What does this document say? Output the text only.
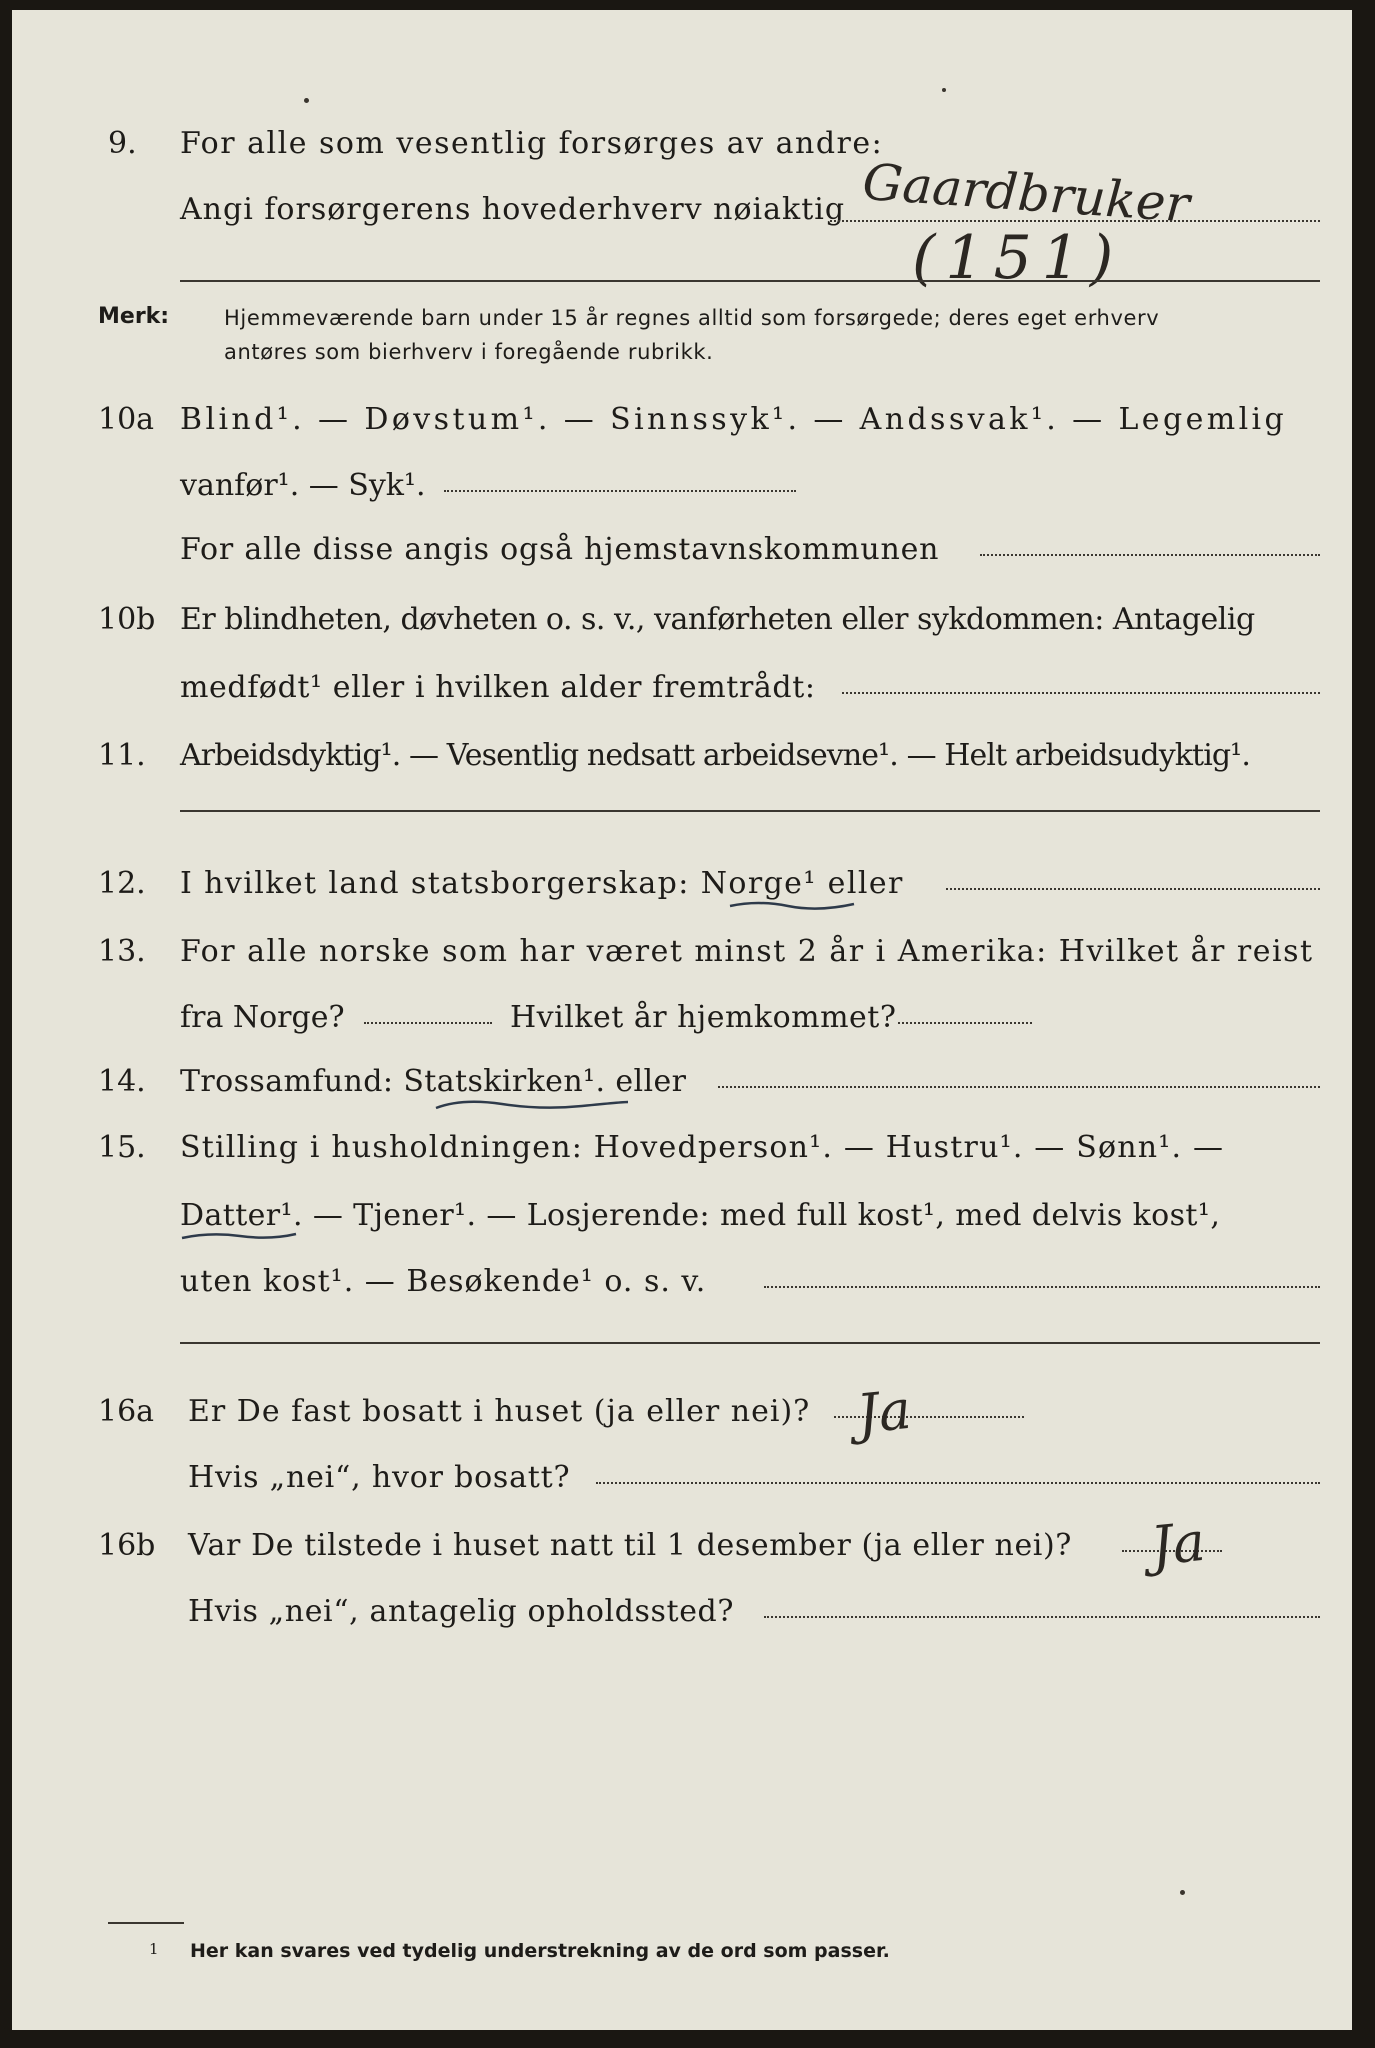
9. For alle som vesentlig forsørges av andre:
Angi forsørgerens hovederhverv nøiaktig Gaardbruker
(151)
Merk:	Hjemmeværende barn under 15 år regnes alltid som forsørgede; deres eget erhverv
antøres som bierhverv i foregående rubrikk.
10a Blind¹. — Døvstum¹. — Sinnssyk¹. — Andssvak¹. — Legemlig
vanfør¹. — Syk¹.
For alle disse angis også hjemstavnskommunen
10b Er blindheten, døvheten o. s. v., vanførheten eller sykdommen: Antagelig
medfødt¹ eller i hvilken alder fremtrådt:
11. Arbeidsdyktig¹. — Vesentlig nedsatt arbeidsevne¹. — Helt arbeidsudyktig¹.
12. I hvilket land statsborgerskap: Norge¹ eller
13. For alle norske som har været minst 2 år i Amerika: Hvilket år reist
fra Norge?	Hvilket år hjemkommet?
14. Trossamfund: Statskirken¹. eller
15. Stilling i husholdningen: Hovedperson¹. — Hustru¹. — Sønn¹. —
Datter¹. — Tjener¹. — Losjerende: med full kost¹, med delvis kost¹,
uten kost¹. — Besøkende¹ o. s. v.
16a Er De fast bosatt i huset (ja eller nei)? Ja
Hvis „nei“, hvor bosatt?
16b Var De tilstede i huset natt til 1 desember (ja eller nei)? Ja
Hvis „nei“, antagelig opholdssted?
1 Her kan svares ved tydelig understrekning av de ord som passer.
